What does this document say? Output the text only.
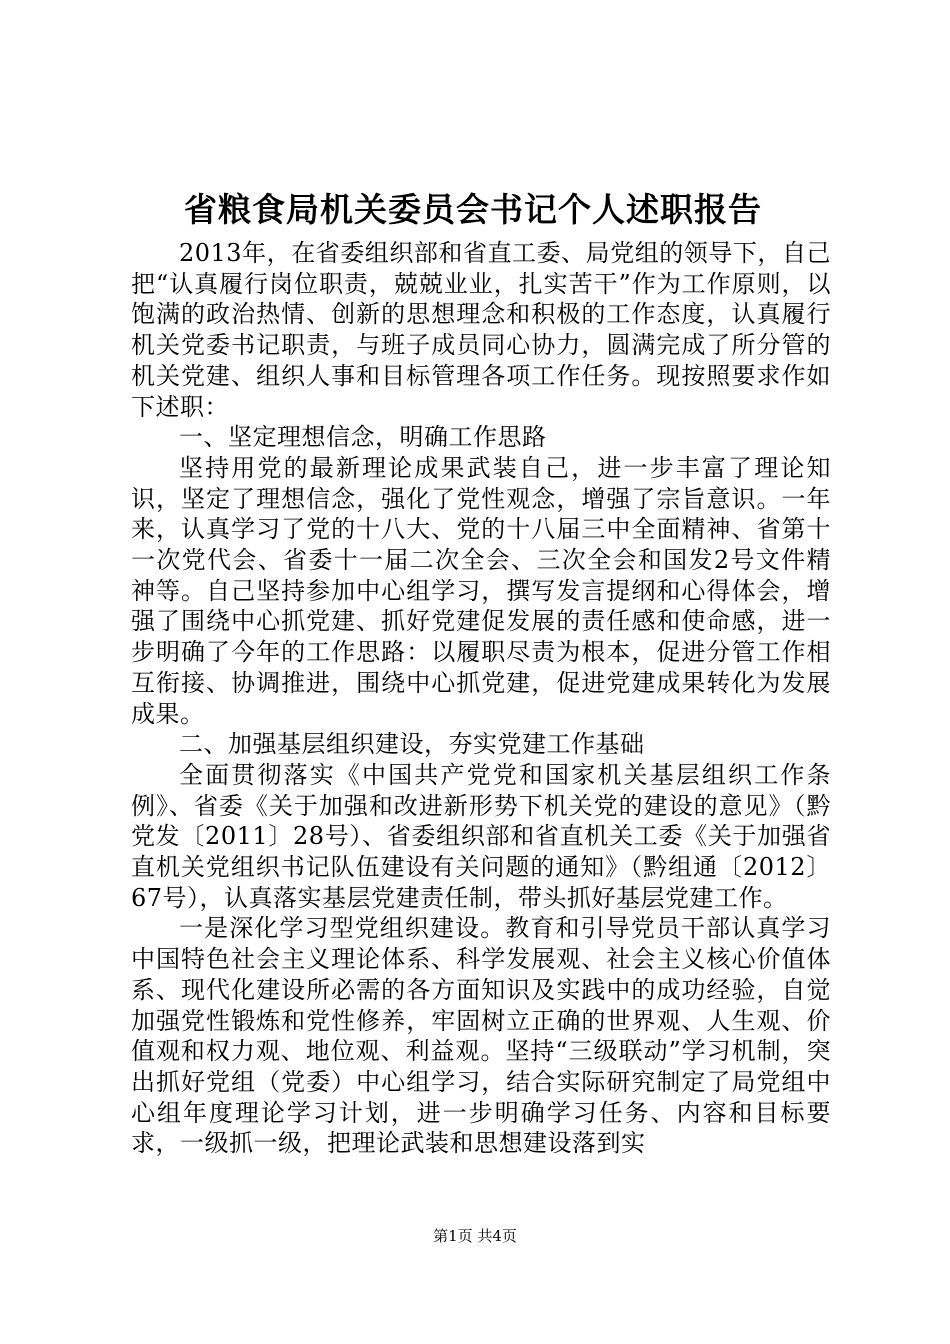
省粮食局机关委员会书记个人述职报告

2013年，在省委组织部和省直工委、局党组的领导下，自己把“认真履行岗位职责，兢兢业业，扎实苦干”作为工作原则，以饱满的政治热情、创新的思想理念和积极的工作态度，认真履行机关党委书记职责，与班子成员同心协力，圆满完成了所分管的机关党建、组织人事和目标管理各项工作任务。现按照要求作如下述职：

一、坚定理想信念，明确工作思路

坚持用党的最新理论成果武装自己，进一步丰富了理论知识，坚定了理想信念，强化了党性观念，增强了宗旨意识。一年来，认真学习了党的十八大、党的十八届三中全面精神、省第十一次党代会、省委十一届二次全会、三次全会和国发2号文件精神等。自己坚持参加中心组学习，撰写发言提纲和心得体会，增强了围绕中心抓党建、抓好党建促发展的责任感和使命感，进一步明确了今年的工作思路：以履职尽责为根本，促进分管工作相互衔接、协调推进，围绕中心抓党建，促进党建成果转化为发展成果。

二、加强基层组织建设，夯实党建工作基础

全面贯彻落实《中国共产党党和国家机关基层组织工作条例》、省委《关于加强和改进新形势下机关党的建设的意见》（黔党发〔2011〕28号）、省委组织部和省直机关工委《关于加强省直机关党组织书记队伍建设有关问题的通知》（黔组通〔2012〕67号），认真落实基层党建责任制，带头抓好基层党建工作。

一是深化学习型党组织建设。教育和引导党员干部认真学习中国特色社会主义理论体系、科学发展观、社会主义核心价值体系、现代化建设所必需的各方面知识及实践中的成功经验，自觉加强党性锻炼和党性修养，牢固树立正确的世界观、人生观、价值观和权力观、地位观、利益观。坚持“三级联动”学习机制，突出抓好党组（党委）中心组学习，结合实际研究制定了局党组中心组年度理论学习计划，进一步明确学习任务、内容和目标要求，一级抓一级，把理论武装和思想建设落到实

第1页 共4页
